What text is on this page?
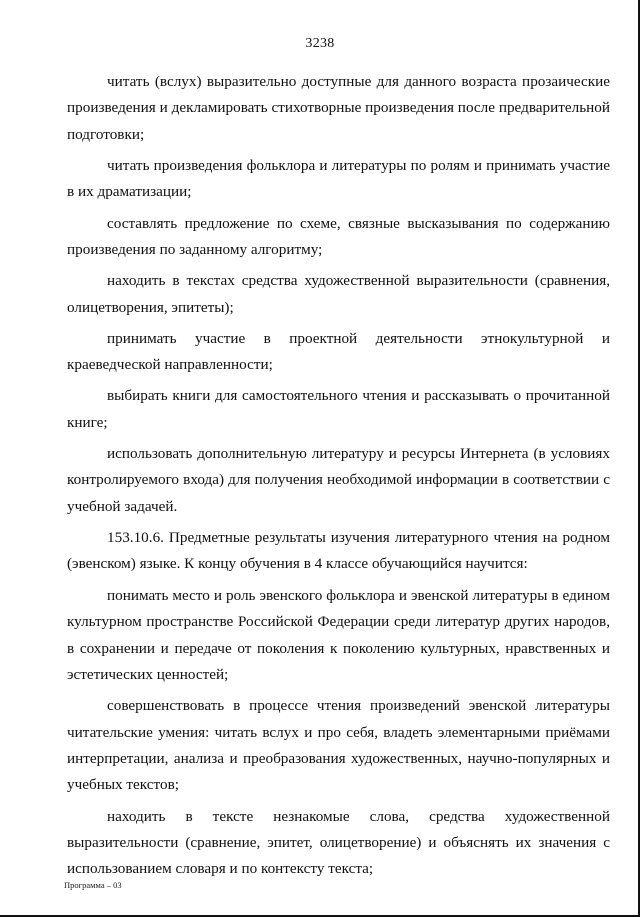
3238

читать (вслух) выразительно доступные для данного возраста прозаические произведения и декламировать стихотворные произведения после предварительной подготовки;

читать произведения фольклора и литературы по ролям и принимать участие в их драматизации;

составлять предложение по схеме, связные высказывания по содержанию произведения по заданному алгоритму;

находить в текстах средства художественной выразительности (сравнения, олицетворения, эпитеты);

принимать участие в проектной деятельности этнокультурной и краеведческой направленности;

выбирать книги для самостоятельного чтения и рассказывать о прочитанной книге;

использовать дополнительную литературу и ресурсы Интернета (в условиях контролируемого входа) для получения необходимой информации в соответствии с учебной задачей.

153.10.6. Предметные результаты изучения литературного чтения на родном (эвенском) языке. К концу обучения в 4 классе обучающийся научится:

понимать место и роль эвенского фольклора и эвенской литературы в едином культурном пространстве Российской Федерации среди литератур других народов, в сохранении и передаче от поколения к поколению культурных, нравственных и эстетических ценностей;

совершенствовать в процессе чтения произведений эвенской литературы читательские умения: читать вслух и про себя, владеть элементарными приёмами интерпретации, анализа и преобразования художественных, научно-популярных и учебных текстов;

находить в тексте незнакомые слова, средства художественной выразительности (сравнение, эпитет, олицетворение) и объяснять их значения с использованием словаря и по контексту текста;

Программа – 03
